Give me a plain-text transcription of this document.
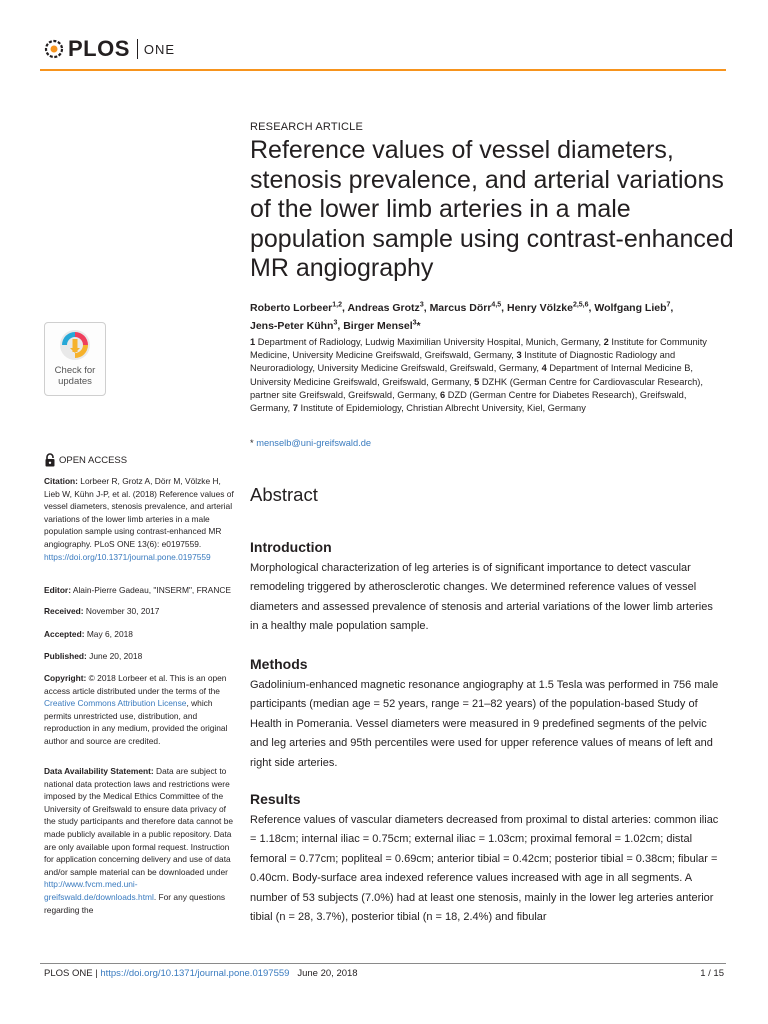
PLOS ONE
RESEARCH ARTICLE
Reference values of vessel diameters, stenosis prevalence, and arterial variations of the lower limb arteries in a male population sample using contrast-enhanced MR angiography
Roberto Lorbeer$^{1,2}$, Andreas Grotz$^3$, Marcus Dörr$^{4,5}$, Henry Völzke$^{2,5,6}$, Wolfgang Lieb$^7$,
Jens-Peter Kühn$^3$, Birger Mensel$^3$*
1 Department of Radiology, Ludwig Maximilian University Hospital, Munich, Germany, 2 Institute for Community Medicine, University Medicine Greifswald, Greifswald, Germany, 3 Institute of Diagnostic Radiology and Neuroradiology, University Medicine Greifswald, Greifswald, Germany, 4 Department of Internal Medicine B, University Medicine Greifswald, Greifswald, Germany, 5 DZHK (German Centre for Cardiovascular Research), partner site Greifswald, Greifswald, Germany, 6 DZD (German Centre for Diabetes Research), Greifswald, Germany, 7 Institute of Epidemiology, Christian Albrecht University, Kiel, Germany
* menselb@uni-greifswald.de
Abstract
Introduction
Morphological characterization of leg arteries is of significant importance to detect vascular remodeling triggered by atherosclerotic changes. We determined reference values of vessel diameters and assessed prevalence of stenosis and arterial variations of the lower limb arteries in a healthy male population sample.
Methods
Gadolinium-enhanced magnetic resonance angiography at 1.5 Tesla was performed in 756 male participants (median age = 52 years, range = 21–82 years) of the population-based Study of Health in Pomerania. Vessel diameters were measured in 9 predefined segments of the pelvic and leg arteries and 95th percentiles were used for upper reference values of means of left and right side arteries.
Results
Reference values of vascular diameters decreased from proximal to distal arteries: common iliac = 1.18cm; internal iliac = 0.75cm; external iliac = 1.03cm; proximal femoral = 1.02cm; distal femoral = 0.77cm; popliteal = 0.69cm; anterior tibial = 0.42cm; posterior tibial = 0.38cm; fibular = 0.40cm. Body-surface area indexed reference values increased with age in all segments. A number of 53 subjects (7.0%) had at least one stenosis, mainly in the lower leg arteries anterior tibial (n = 28, 3.7%), posterior tibial (n = 18, 2.4%) and fibular
Check for
updates
OPEN ACCESS
Citation: Lorbeer R, Grotz A, Dörr M, Völzke H, Lieb W, Kühn J-P, et al. (2018) Reference values of vessel diameters, stenosis prevalence, and arterial variations of the lower limb arteries in a male population sample using contrast-enhanced MR angiography. PLoS ONE 13(6): e0197559. https://doi.org/10.1371/journal.pone.0197559
Editor: Alain-Pierre Gadeau, "INSERM", FRANCE
Received: November 30, 2017
Accepted: May 6, 2018
Published: June 20, 2018
Copyright: © 2018 Lorbeer et al. This is an open access article distributed under the terms of the Creative Commons Attribution License, which permits unrestricted use, distribution, and reproduction in any medium, provided the original author and source are credited.
Data Availability Statement: Data are subject to national data protection laws and restrictions were imposed by the Medical Ethics Committee of the University of Greifswald to ensure data privacy of the study participants and therefore data cannot be made publicly available in a public repository. Data are only available upon formal request. Instruction for application concerning delivery and use of data and/or sample material can be downloaded under http://www.fvcm.med.uni-greifswald.de/downloads.html. For any questions regarding the
PLOS ONE | https://doi.org/10.1371/journal.pone.0197559 June 20, 2018	1 / 15
